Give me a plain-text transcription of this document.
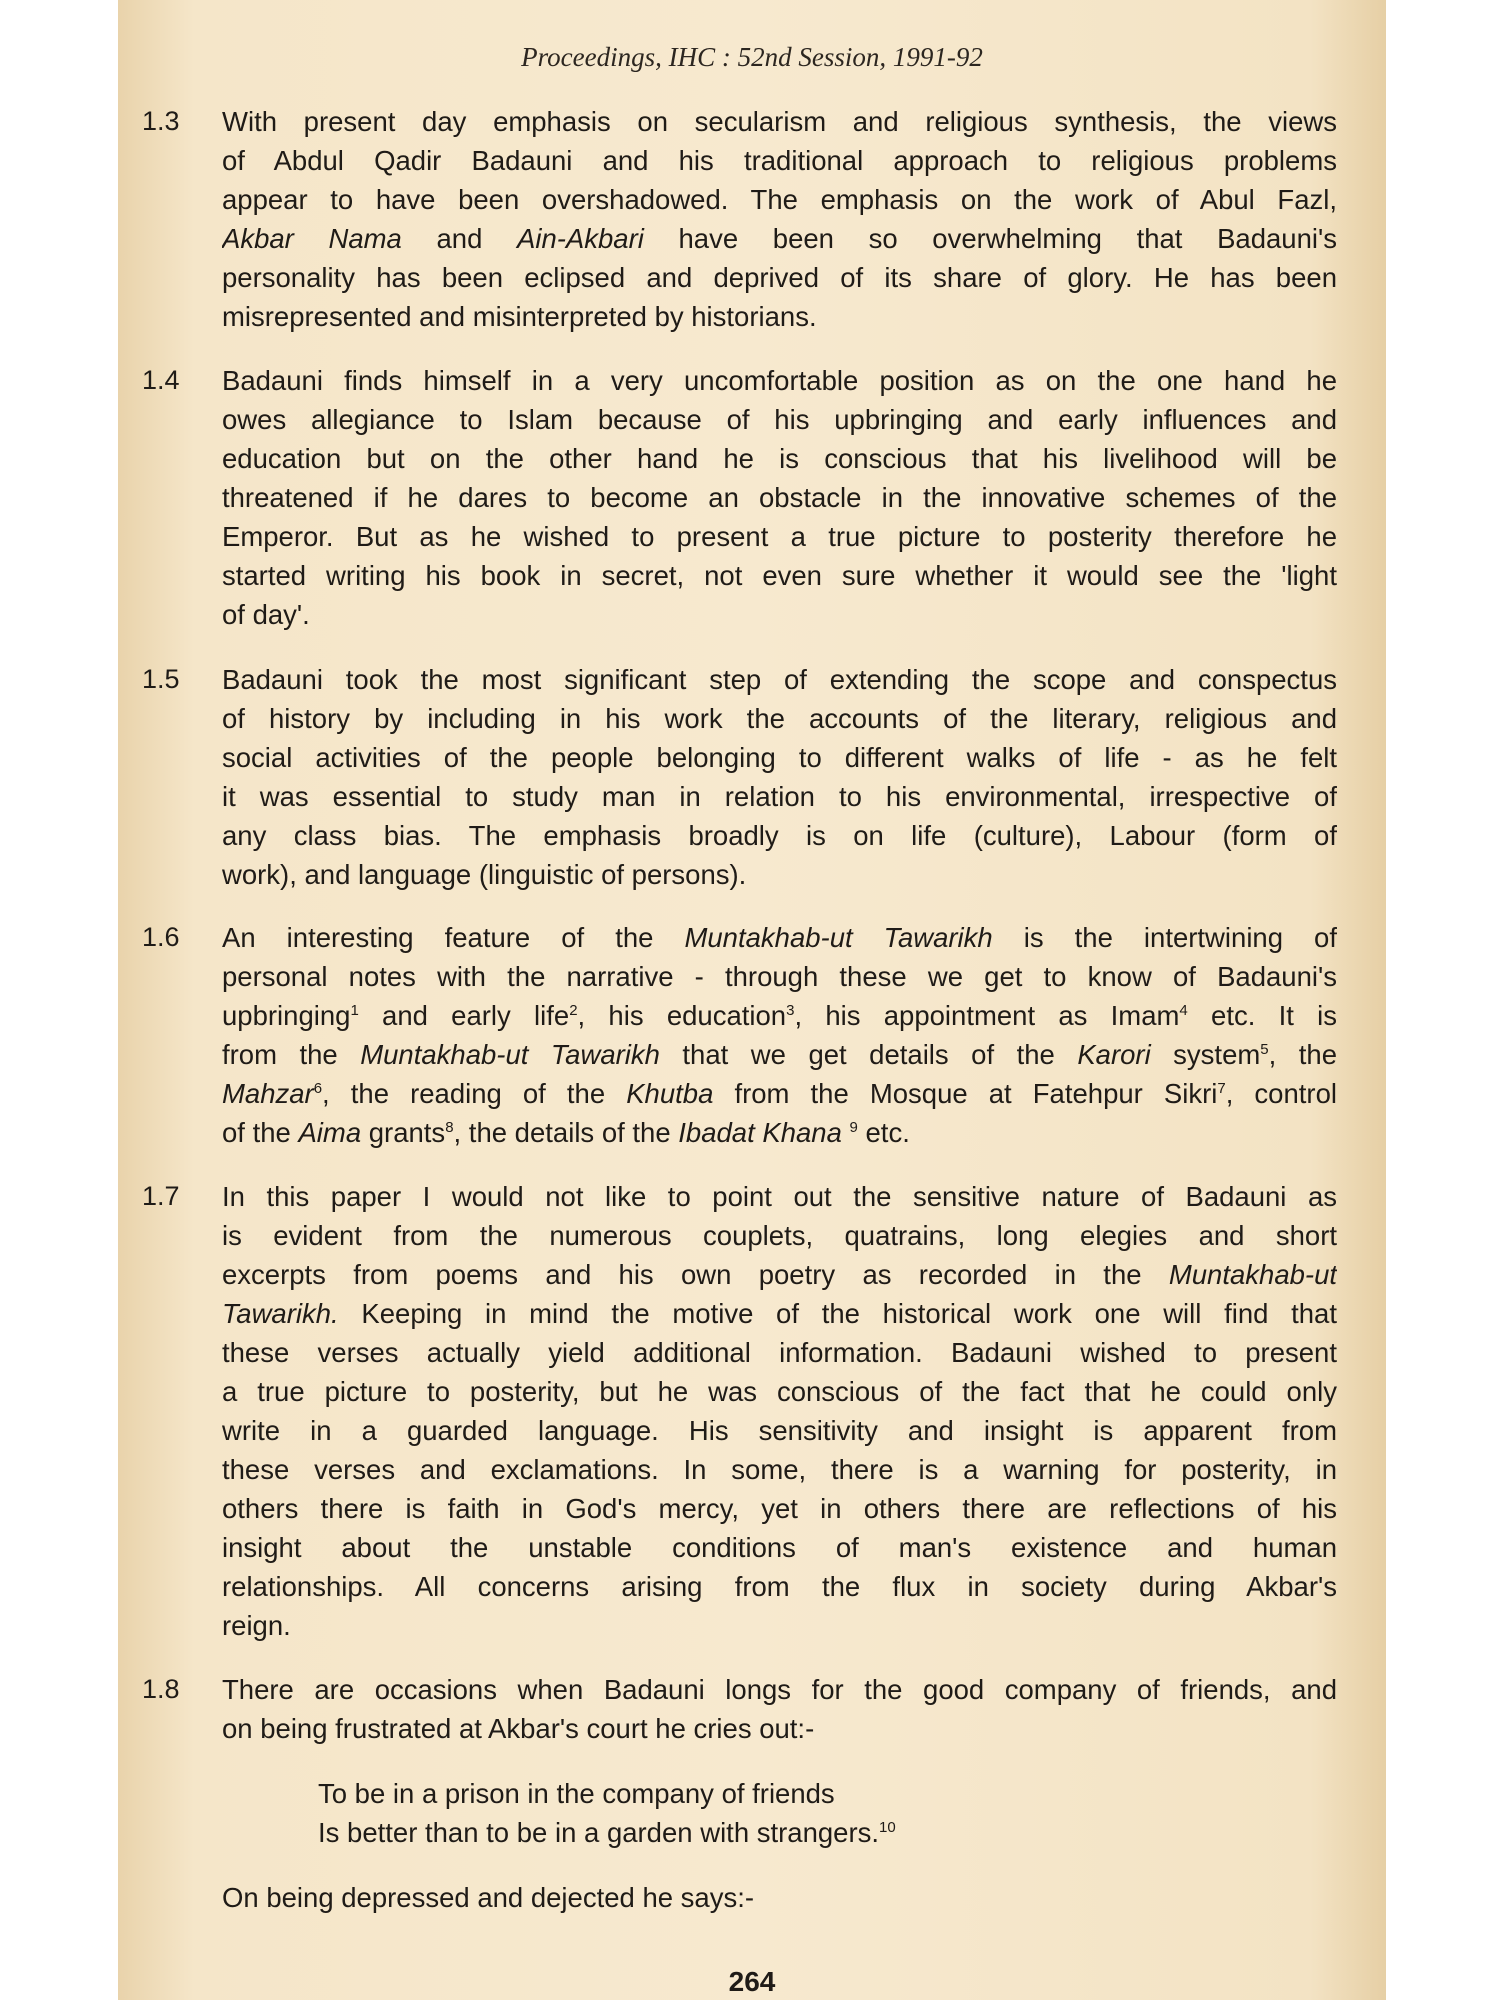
Proceedings, IHC : 52nd Session, 1991-92
1.3 With present day emphasis on secularism and religious synthesis, the views
of Abdul Qadir Badauni and his traditional approach to religious problems
appear to have been overshadowed. The emphasis on the work of Abul Fazl,
Akbar Nama and Ain-Akbari have been so overwhelming that Badauni's
personality has been eclipsed and deprived of its share of glory. He has been
misrepresented and misinterpreted by historians.
1.4 Badauni finds himself in a very uncomfortable position as on the one hand he
owes allegiance to Islam because of his upbringing and early influences and
education but on the other hand he is conscious that his livelihood will be
threatened if he dares to become an obstacle in the innovative schemes of the
Emperor. But as he wished to present a true picture to posterity therefore he
started writing his book in secret, not even sure whether it would see the 'light
of day'.
1.5 Badauni took the most significant step of extending the scope and conspectus
of history by including in his work the accounts of the literary, religious and
social activities of the people belonging to different walks of life - as he felt
it was essential to study man in relation to his environmental, irrespective of
any class bias. The emphasis broadly is on life (culture), Labour (form of
work), and language (linguistic of persons).
1.6 An interesting feature of the Muntakhab-ut Tawarikh is the intertwining of
personal notes with the narrative - through these we get to know of Badauni's
upbringing$^1$ and early life$^2$, his education$^3$, his appointment as Imam$^4$ etc. It is
from the Muntakhab-ut Tawarikh that we get details of the Karori system$^5$, the
Mahzar$^6$, the reading of the Khutba from the Mosque at Fatehpur Sikri$^7$, control
of the Aima grants$^8$, the details of the Ibadat Khana $^9$ etc.
1.7 In this paper I would not like to point out the sensitive nature of Badauni as
is evident from the numerous couplets, quatrains, long elegies and short
excerpts from poems and his own poetry as recorded in the Muntakhab-ut
Tawarikh. Keeping in mind the motive of the historical work one will find that
these verses actually yield additional information. Badauni wished to present
a true picture to posterity, but he was conscious of the fact that he could only
write in a guarded language. His sensitivity and insight is apparent from
these verses and exclamations. In some, there is a warning for posterity, in
others there is faith in God's mercy, yet in others there are reflections of his
insight about the unstable conditions of man's existence and human
relationships. All concerns arising from the flux in society during Akbar's
reign.
1.8 There are occasions when Badauni longs for the good company of friends, and
on being frustrated at Akbar's court he cries out:-
To be in a prison in the company of friends
Is better than to be in a garden with strangers.$^{10}$
On being depressed and dejected he says:-
264
